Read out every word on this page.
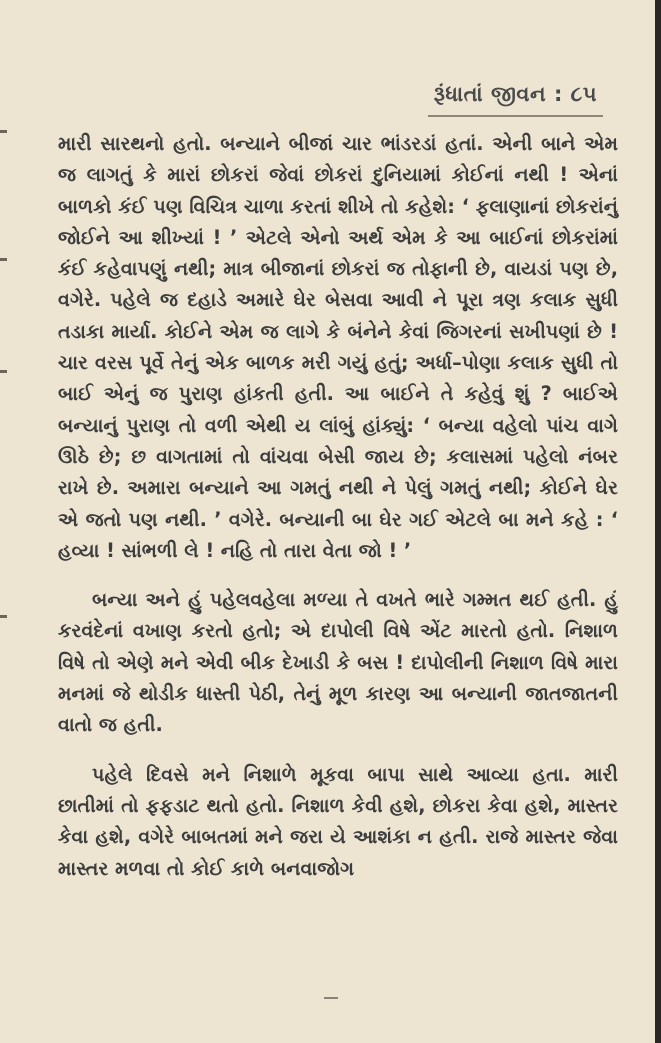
રૂંધાતાં જીવન : ૮૫

મારી સારથનો હતો. બન્યાને બીજાં ચાર ભાંડરડાં હતાં. એની બાને એમ જ લાગતું કે મારાં છોકરાં જેવાં છોકરાં દુનિયામાં કોઈનાં નથી ! એનાં બાળકો કંઈ પણ વિચિત્ર ચાળા કરતાં શીખે તો કહેશે: ‘ ફલાણાનાં છોકરાંનું જોઈને આ શીખ્યાં ! ’ એટલે એનો અર્થ એમ કે આ બાઈનાં છોકરાંમાં કંઈ કહેવાપણું નથી; માત્ર બીજાનાં છોકરાં જ તોફાની છે, વાયડાં પણ છે, વગેરે. પહેલે જ દહાડે અમારે ઘેર બેસવા આવી ને પૂરા ત્રણ કલાક સુધી તડાકા માર્યા. કોઈને એમ જ લાગે કે બંનેને કેવાં જિગરનાં સખીપણાં છે ! ચાર વરસ પૂર્વે તેનું એક બાળક મરી ગયું હતું; અર્ધા–પોણા કલાક સુધી તો બાઈ એનું જ પુરાણ હાંકતી હતી. આ બાઈને તે કહેવું શું ? બાઈએ બન્યાનું પુરાણ તો વળી એથી ય લાંબું હાંક્યું: ‘ બન્યા વહેલો પાંચ વાગે ઊઠે છે; છ વાગતામાં તો વાંચવા બેસી જાય છે; કલાસમાં પહેલો નંબર રાખે છે. અમારા બન્યાને આ ગમતું નથી ને પેલું ગમતું નથી; કોઈને ઘેર એ જતો પણ નથી. ’ વગેરે. બન્યાની બા ઘેર ગઈ એટલે બા મને કહે : ‘ હવ્યા ! સાંભળી લે ! નહિ તો તારા વેતા જો ! ’

બન્યા અને હું પહેલવહેલા મળ્યા તે વખતે ભારે ગમ્મત થઈ હતી. હું કરવંદેનાં વખાણ કરતો હતો; એ દાપોલી વિષે એંટ મારતો હતો. નિશાળ વિષે તો એણે મને એવી બીક દેખાડી કે બસ ! દાપોલીની નિશાળ વિષે મારા મનમાં જે થોડીક ધાસ્તી પેઠી, તેનું મૂળ કારણ આ બન્યાની જાતજાતની વાતો જ હતી.

પહેલે દિવસે મને નિશાળે મૂકવા બાપા સાથે આવ્યા હતા. મારી છાતીમાં તો ફફડાટ થતો હતો. નિશાળ કેવી હશે, છોકરા કેવા હશે, માસ્તર કેવા હશે, વગેરે બાબતમાં મને જરા યે આશંકા ન હતી. રાજે માસ્તર જેવા માસ્તર મળવા તો કોઈ કાળે બનવાજોગ
